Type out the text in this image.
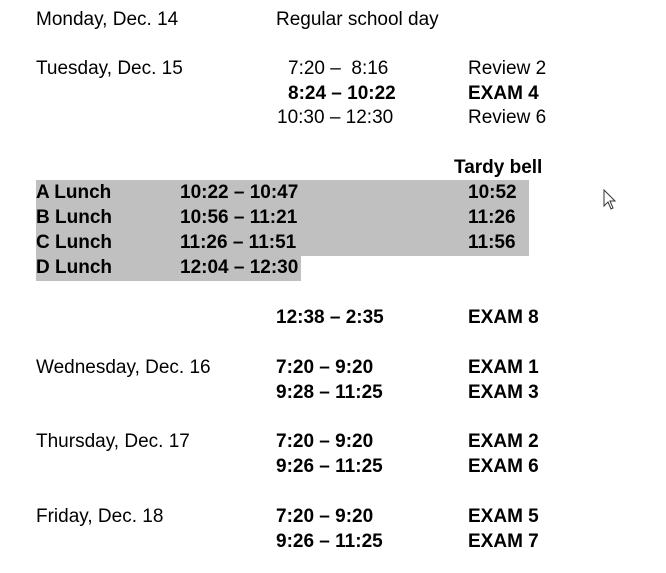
Monday, Dec. 14	Regular school day
Tuesday, Dec. 15	7:20 –  8:16	Review 2
8:24 – 10:22	EXAM 4
10:30 – 12:30	Review 6
Tardy bell
A Lunch	10:22 – 10:47	10:52
B Lunch	10:56 – 11:21	11:26
C Lunch	11:26 – 11:51	11:56
D Lunch	12:04 – 12:30
12:38 – 2:35	EXAM 8
Wednesday, Dec. 16	7:20 – 9:20	EXAM 1
9:28 – 11:25	EXAM 3
Thursday, Dec. 17	7:20 – 9:20	EXAM 2
9:26 – 11:25	EXAM 6
Friday, Dec. 18	7:20 – 9:20	EXAM 5
9:26 – 11:25	EXAM 7
